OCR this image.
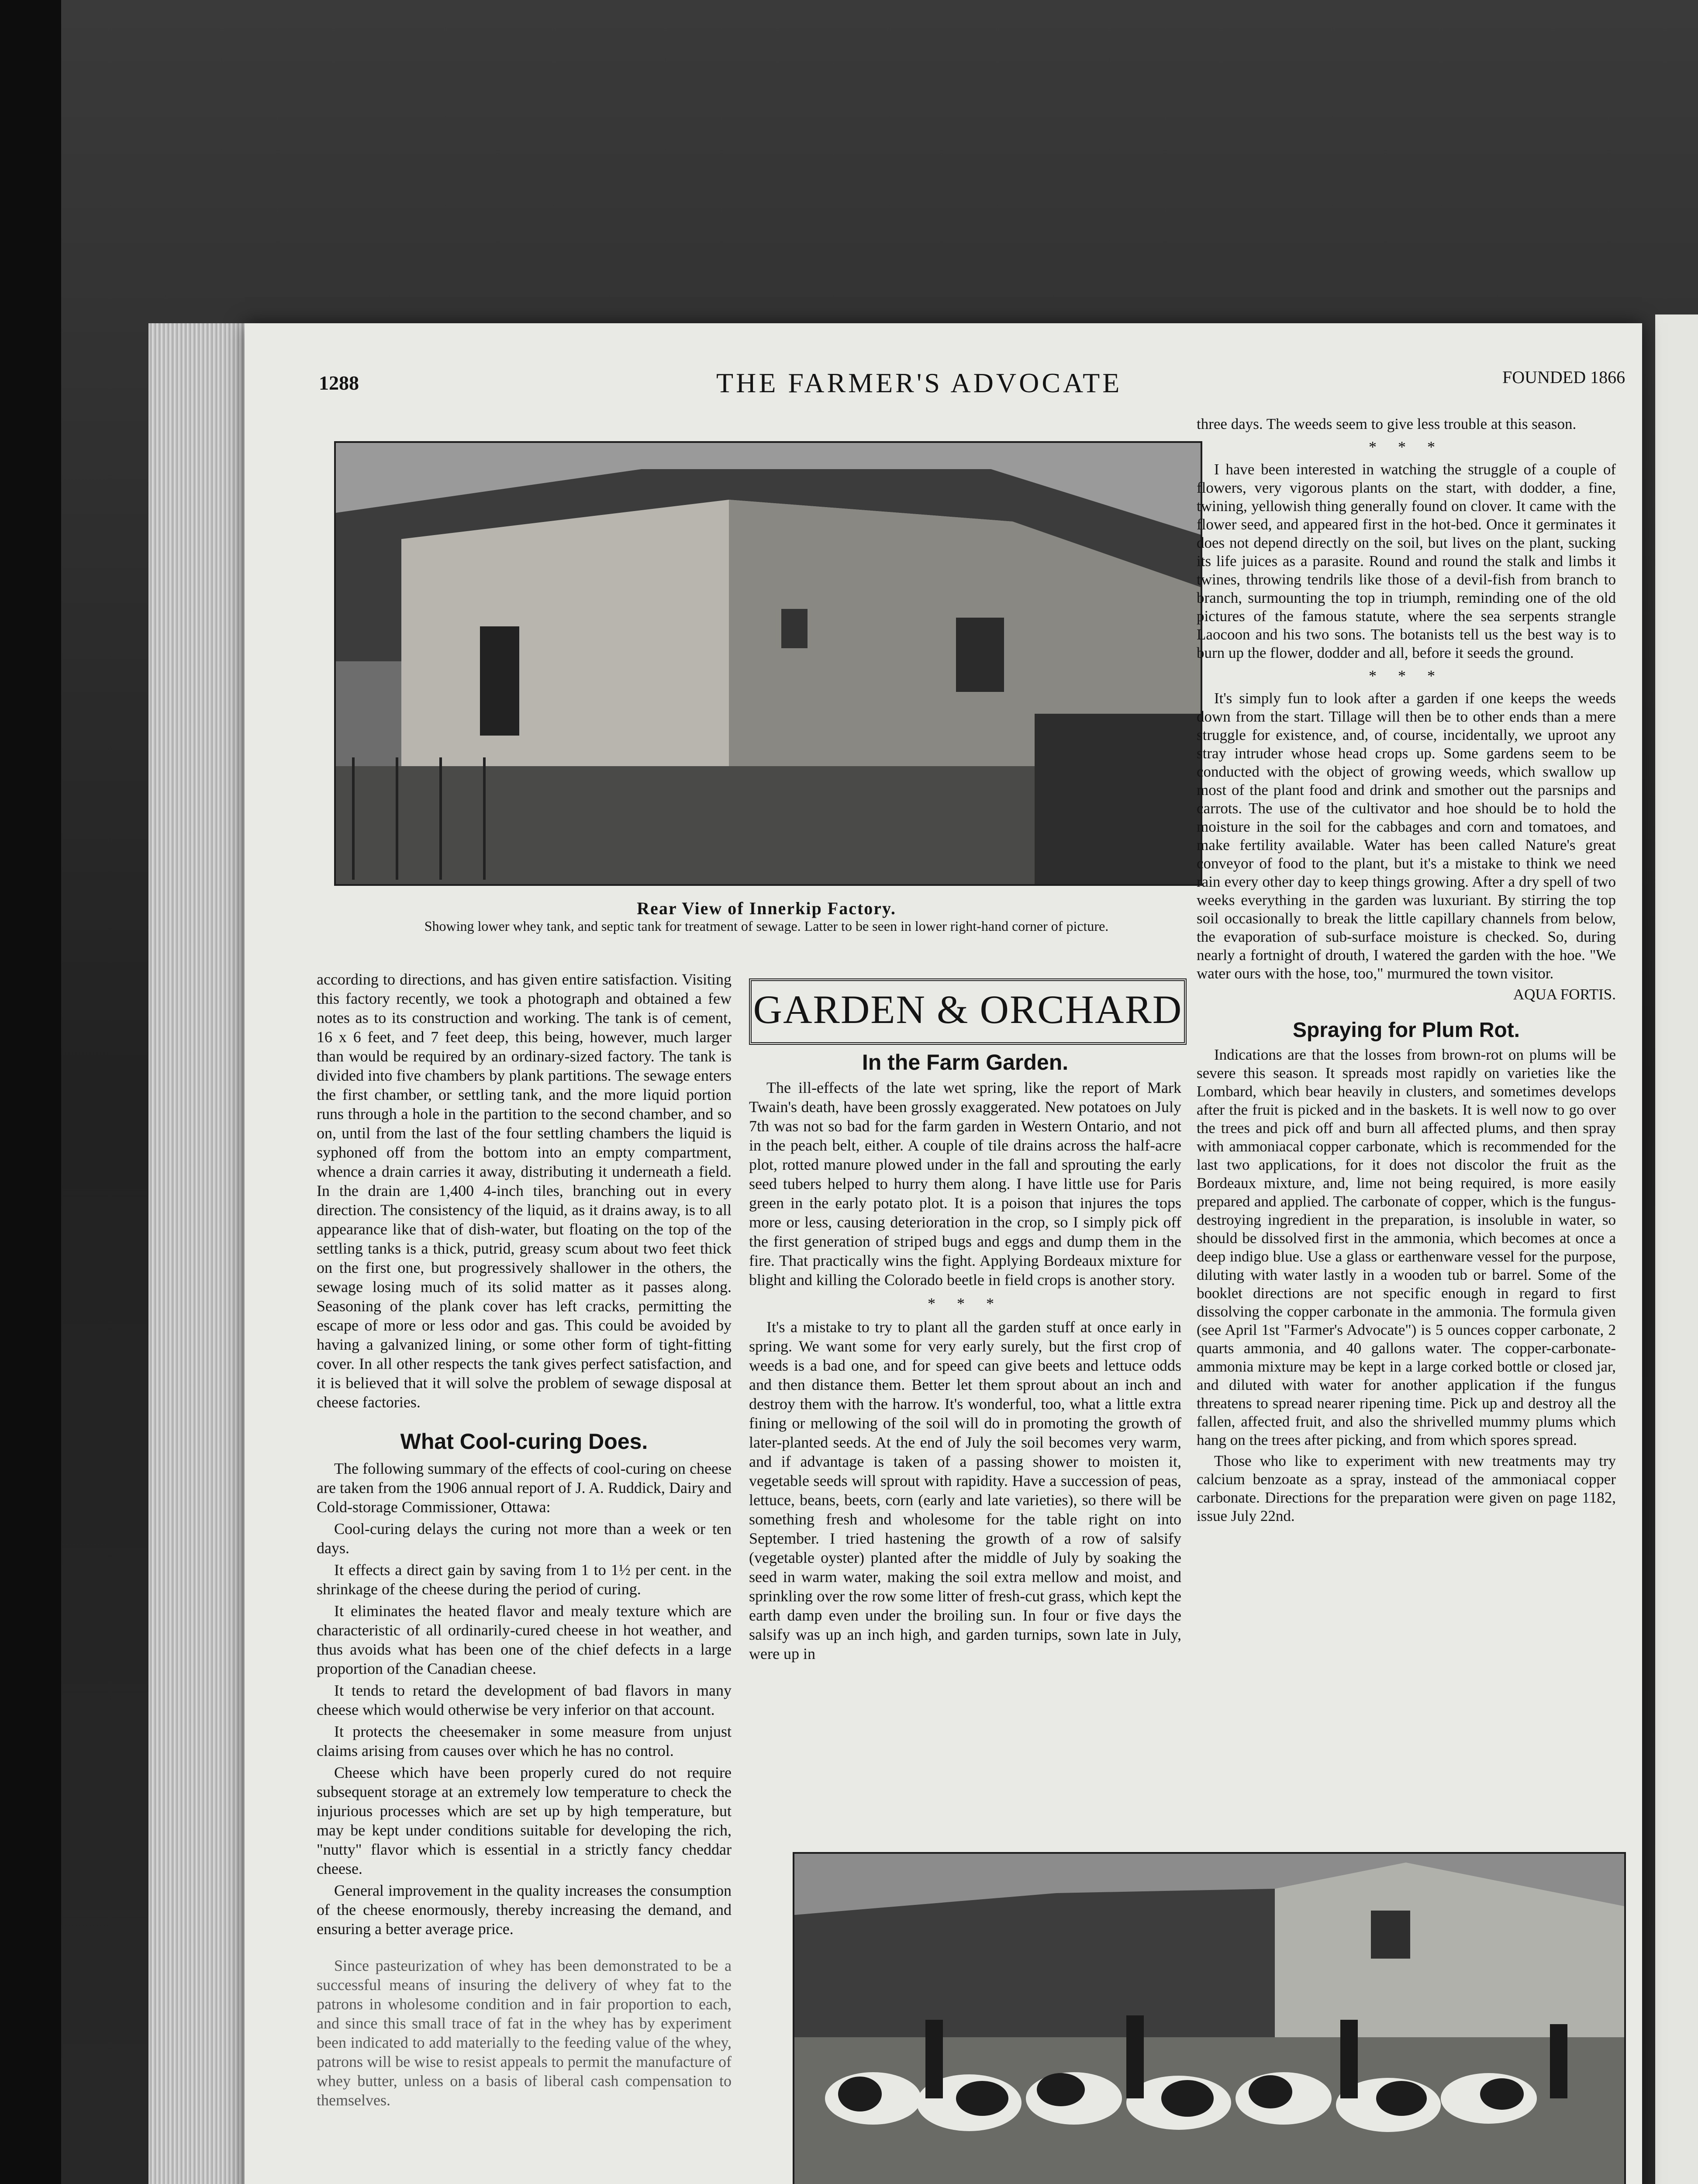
1288	THE FARMER'S ADVOCATE	FOUNDED 1866
Rear View of Innerkip Factory.
Showing lower whey tank, and septic tank for treatment of sewage. Latter to be seen in lower right-hand corner of picture.

according to directions, and has given entire satisfaction. Visiting this factory recently, we took a photograph and obtained a few notes as to its construction and working. The tank is of cement, 16 x 6 feet, and 7 feet deep, this being, however, much larger than would be required by an ordinary-sized factory. The tank is divided into five chambers by plank partitions. The sewage enters the first chamber, or settling tank, and the more liquid portion runs through a hole in the partition to the second chamber, and so on, until from the last of the four settling chambers the liquid is syphoned off from the bottom into an empty compartment, whence a drain carries it away, distributing it underneath a field. In the drain are 1,400 4-inch tiles, branching out in every direction. The consistency of the liquid, as it drains away, is to all appearance like that of dish-water, but floating on the top of the settling tanks is a thick, putrid, greasy scum about two feet thick on the first one, but progressively shallower in the others, the sewage losing much of its solid matter as it passes along. Seasoning of the plank cover has left cracks, permitting the escape of more or less odor and gas. This could be avoided by having a galvanized lining, or some other form of tight-fitting cover. In all other respects the tank gives perfect satisfaction, and it is believed that it will solve the problem of sewage disposal at cheese factories.

What Cool-curing Does.

The following summary of the effects of cool-curing on cheese are taken from the 1906 annual report of J. A. Ruddick, Dairy and Cold-storage Commissioner, Ottawa:

Cool-curing delays the curing not more than a week or ten days.

It effects a direct gain by saving from 1 to 1½ per cent. in the shrinkage of the cheese during the period of curing.

It eliminates the heated flavor and mealy texture which are characteristic of all ordinarily-cured cheese in hot weather, and thus avoids what has been one of the chief defects in a large proportion of the Canadian cheese.

It tends to retard the development of bad flavors in many cheese which would otherwise be very inferior on that account.

It protects the cheesemaker in some measure from unjust claims arising from causes over which he has no control.

Cheese which have been properly cured do not require subsequent storage at an extremely low temperature to check the injurious processes which are set up by high temperature, but may be kept under conditions suitable for developing the rich, "nutty" flavor which is essential in a strictly fancy cheddar cheese.

General improvement in the quality increases the consumption of the cheese enormously, thereby increasing the demand, and ensuring a better average price.

Since pasteurization of whey has been demonstrated to be a successful means of insuring the delivery of whey fat to the patrons in wholesome condition and in fair proportion to each, and since this small trace of fat in the whey has by experiment been indicated to add materially to the feeding value of the whey, patrons will be wise to resist appeals to permit the manufacture of whey butter, unless on a basis of liberal cash compensation to themselves.

GARDEN & ORCHARD
In the Farm Garden.

The ill-effects of the late wet spring, like the report of Mark Twain's death, have been grossly exaggerated. New potatoes on July 7th was not so bad for the farm garden in Western Ontario, and not in the peach belt, either. A couple of tile drains across the half-acre plot, rotted manure plowed under in the fall and sprouting the early seed tubers helped to hurry them along. I have little use for Paris green in the early potato plot. It is a poison that injures the tops more or less, causing deterioration in the crop, so I simply pick off the first generation of striped bugs and eggs and dump them in the fire. That practically wins the fight. Applying Bordeaux mixture for blight and killing the Colorado beetle in field crops is another story.

* * *

It's a mistake to try to plant all the garden stuff at once early in spring. We want some for very early surely, but the first crop of weeds is a bad one, and for speed can give beets and lettuce odds and then distance them. Better let them sprout about an inch and destroy them with the harrow. It's wonderful, too, what a little extra fining or mellowing of the soil will do in promoting the growth of later-planted seeds. At the end of July the soil becomes very warm, and if advantage is taken of a passing shower to moisten it, vegetable seeds will sprout with rapidity. Have a succession of peas, lettuce, beans, beets, corn (early and late varieties), so there will be something fresh and wholesome for the table right on into September. I tried hastening the growth of a row of salsify (vegetable oyster) planted after the middle of July by soaking the seed in warm water, making the soil extra mellow and moist, and sprinkling over the row some litter of fresh-cut grass, which kept the earth damp even under the broiling sun. In four or five days the salsify was up an inch high, and garden turnips, sown late in July, were up in

three days. The weeds seem to give less trouble at this season.

* * *

I have been interested in watching the struggle of a couple of flowers, very vigorous plants on the start, with dodder, a fine, twining, yellowish thing generally found on clover. It came with the flower seed, and appeared first in the hot-bed. Once it germinates it does not depend directly on the soil, but lives on the plant, sucking its life juices as a parasite. Round and round the stalk and limbs it twines, throwing tendrils like those of a devil-fish from branch to branch, surmounting the top in triumph, reminding one of the old pictures of the famous statute, where the sea serpents strangle Laocoon and his two sons. The botanists tell us the best way is to burn up the flower, dodder and all, before it seeds the ground.

* * *

It's simply fun to look after a garden if one keeps the weeds down from the start. Tillage will then be to other ends than a mere struggle for existence, and, of course, incidentally, we uproot any stray intruder whose head crops up. Some gardens seem to be conducted with the object of growing weeds, which swallow up most of the plant food and drink and smother out the parsnips and carrots. The use of the cultivator and hoe should be to hold the moisture in the soil for the cabbages and corn and tomatoes, and make fertility available. Water has been called Nature's great conveyor of food to the plant, but it's a mistake to think we need rain every other day to keep things growing. After a dry spell of two weeks everything in the garden was luxuriant. By stirring the top soil occasionally to break the little capillary channels from below, the evaporation of sub-surface moisture is checked. So, during nearly a fortnight of drouth, I watered the garden with the hoe. "We water ours with the hose, too," murmured the town visitor.

AQUA FORTIS.
Spraying for Plum Rot.

Indications are that the losses from brown-rot on plums will be severe this season. It spreads most rapidly on varieties like the Lombard, which bear heavily in clusters, and sometimes develops after the fruit is picked and in the baskets. It is well now to go over the trees and pick off and burn all affected plums, and then spray with ammoniacal copper carbonate, which is recommended for the last two applications, for it does not discolor the fruit as the Bordeaux mixture, and, lime not being required, is more easily prepared and applied. The carbonate of copper, which is the fungus-destroying ingredient in the preparation, is insoluble in water, so should be dissolved first in the ammonia, which becomes at once a deep indigo blue. Use a glass or earthenware vessel for the purpose, diluting with water lastly in a wooden tub or barrel. Some of the booklet directions are not specific enough in regard to first dissolving the copper carbonate in the ammonia. The formula given (see April 1st "Farmer's Advocate") is 5 ounces copper carbonate, 2 quarts ammonia, and 40 gallons water. The copper-carbonate-ammonia mixture may be kept in a large corked bottle or closed jar, and diluted with water for another application if the fungus threatens to spread nearer ripening time. Pick up and destroy all the fallen, affected fruit, and also the shrivelled mummy plums which hang on the trees after picking, and from which spores spread.

Those who like to experiment with new treatments may try calcium benzoate as a spray, instead of the ammoniacal copper carbonate. Directions for the preparation were given on page 1182, issue July 22nd.
